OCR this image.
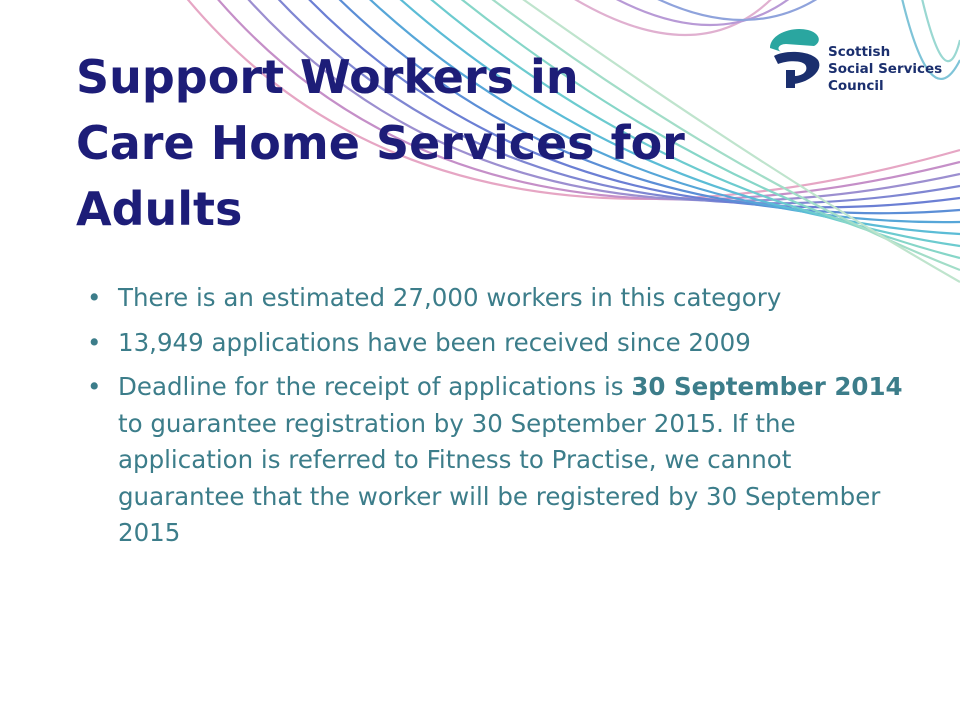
Scottish
Social Services
Council
Support Workers in
Care Home Services for
Adults
• There is an estimated 27,000 workers in this category
• 13,949 applications have been received since 2009
• Deadline for the receipt of applications is 30 September 2014 to guarantee registration by 30 September 2015. If the application is referred to Fitness to Practise, we cannot guarantee that the worker will be registered by 30 September 2015
